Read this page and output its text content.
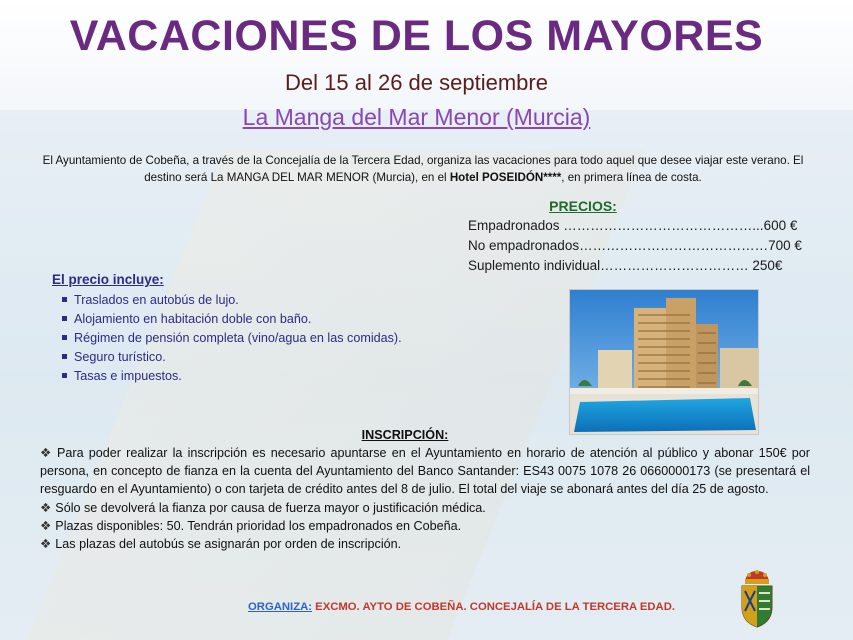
VACACIONES DE LOS MAYORES
Del 15 al 26 de septiembre
La Manga del Mar Menor (Murcia)

El Ayuntamiento de Cobeña, a través de la Concejalía de la Tercera Edad, organiza las vacaciones para todo aquel que desee viajar este verano. El destino será La MANGA DEL MAR MENOR (Murcia), en el Hotel POSEIDÓN****, en primera línea de costa.

PRECIOS:
Empadronados ……………………………………...600 €
No empadronados……………………………………700 €
Suplemento individual…………………………… 250€
El precio incluye:
Traslados en autobús de lujo.
Alojamiento en habitación doble con baño.
Régimen de pensión completa (vino/agua en las comidas).
Seguro turístico.
Tasas e impuestos.
INSCRIPCIÓN:

❖ Para poder realizar la inscripción es necesario apuntarse en el Ayuntamiento en horario de atención al público y abonar 150€ por persona, en concepto de fianza en la cuenta del Ayuntamiento del Banco Santander: ES43 0075 1078 26 0660000173 (se presentará el resguardo en el Ayuntamiento) o con tarjeta de crédito antes del 8 de julio. El total del viaje se abonará antes del día 25 de agosto.

❖ Sólo se devolverá la fianza por causa de fuerza mayor o justificación médica.

❖ Plazas disponibles: 50. Tendrán prioridad los empadronados en Cobeña.

❖ Las plazas del autobús se asignarán por orden de inscripción.

ORGANIZA: EXCMO. AYTO DE COBEÑA. CONCEJALÍA DE LA TERCERA EDAD.
